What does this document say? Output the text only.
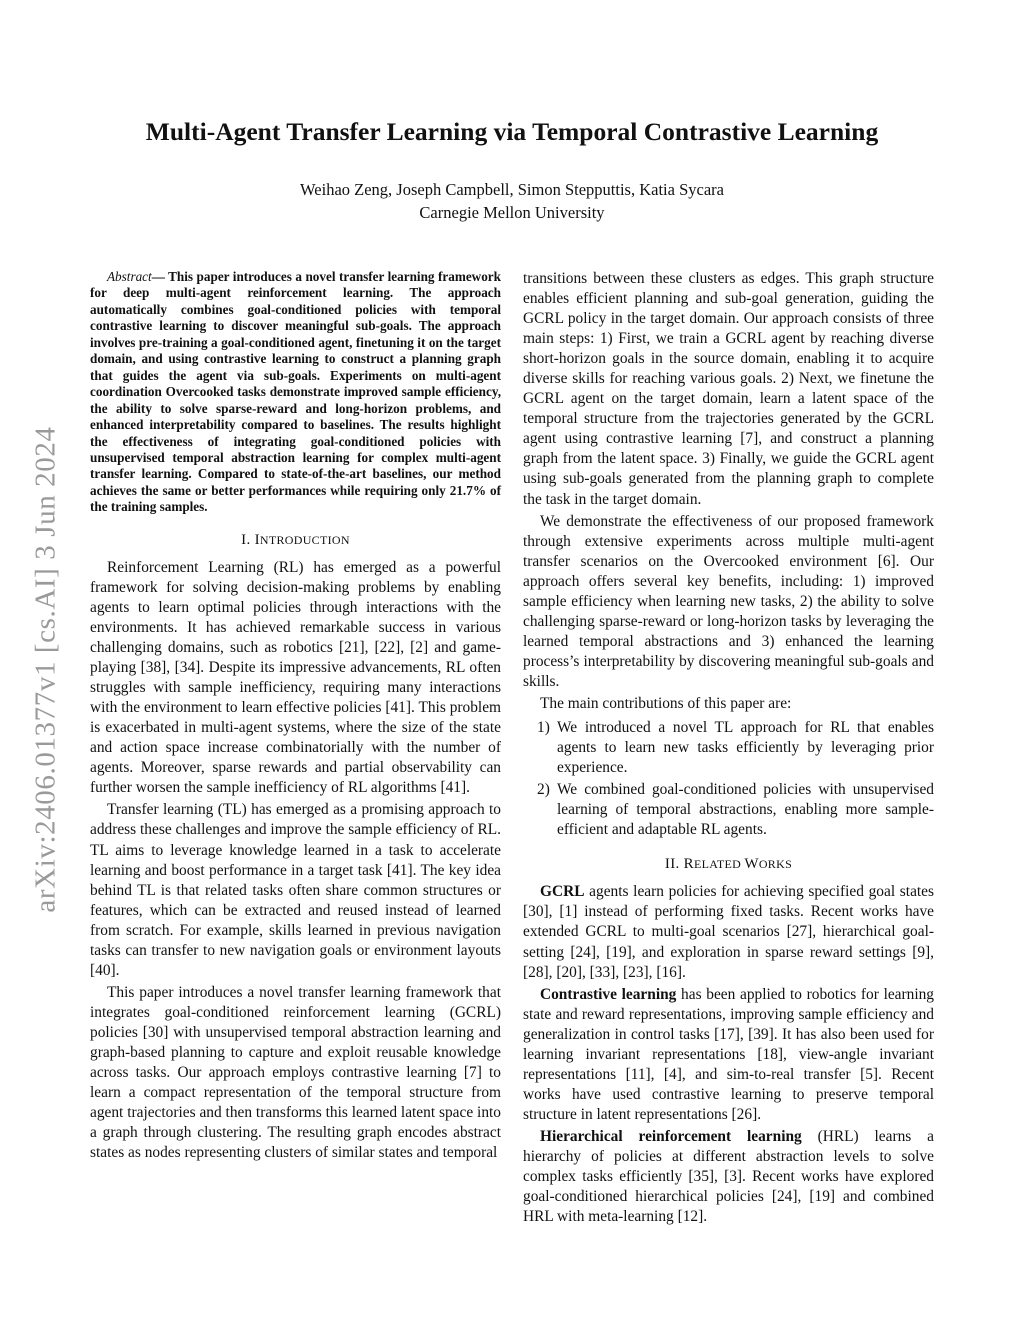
arXiv:2406.01377v1 [cs.AI] 3 Jun 2024
Multi-Agent Transfer Learning via Temporal Contrastive Learning
Weihao Zeng, Joseph Campbell, Simon Stepputtis, Katia Sycara
Carnegie Mellon University

Abstract— This paper introduces a novel transfer learning framework for deep multi-agent reinforcement learning. The approach automatically combines goal-conditioned policies with temporal contrastive learning to discover meaningful sub-goals. The approach involves pre-training a goal-conditioned agent, finetuning it on the target domain, and using contrastive learning to construct a planning graph that guides the agent via sub-goals. Experiments on multi-agent coordination Overcooked tasks demonstrate improved sample efficiency, the ability to solve sparse-reward and long-horizon problems, and enhanced interpretability compared to baselines. The results highlight the effectiveness of integrating goal-conditioned policies with unsupervised temporal abstraction learning for complex multi-agent transfer learning. Compared to state-of-the-art baselines, our method achieves the same or better performances while requiring only 21.7% of the training samples.

I. INTRODUCTION

Reinforcement Learning (RL) has emerged as a powerful framework for solving decision-making problems by enabling agents to learn optimal policies through interactions with the environments. It has achieved remarkable success in various challenging domains, such as robotics [21], [22], [2] and game-playing [38], [34]. Despite its impressive advancements, RL often struggles with sample inefficiency, requiring many interactions with the environment to learn effective policies [41]. This problem is exacerbated in multi-agent systems, where the size of the state and action space increase combinatorially with the number of agents. Moreover, sparse rewards and partial observability can further worsen the sample inefficiency of RL algorithms [41].

Transfer learning (TL) has emerged as a promising approach to address these challenges and improve the sample efficiency of RL. TL aims to leverage knowledge learned in a task to accelerate learning and boost performance in a target task [41]. The key idea behind TL is that related tasks often share common structures or features, which can be extracted and reused instead of learned from scratch. For example, skills learned in previous navigation tasks can transfer to new navigation goals or environment layouts [40].

This paper introduces a novel transfer learning framework that integrates goal-conditioned reinforcement learning (GCRL) policies [30] with unsupervised temporal abstraction learning and graph-based planning to capture and exploit reusable knowledge across tasks. Our approach employs contrastive learning [7] to learn a compact representation of the temporal structure from agent trajectories and then transforms this learned latent space into a graph through clustering. The resulting graph encodes abstract states as nodes representing clusters of similar states and temporal

transitions between these clusters as edges. This graph structure enables efficient planning and sub-goal generation, guiding the GCRL policy in the target domain. Our approach consists of three main steps: 1) First, we train a GCRL agent by reaching diverse short-horizon goals in the source domain, enabling it to acquire diverse skills for reaching various goals. 2) Next, we finetune the GCRL agent on the target domain, learn a latent space of the temporal structure from the trajectories generated by the GCRL agent using contrastive learning [7], and construct a planning graph from the latent space. 3) Finally, we guide the GCRL agent using sub-goals generated from the planning graph to complete the task in the target domain.

We demonstrate the effectiveness of our proposed framework through extensive experiments across multiple multi-agent transfer scenarios on the Overcooked environment [6]. Our approach offers several key benefits, including: 1) improved sample efficiency when learning new tasks, 2) the ability to solve challenging sparse-reward or long-horizon tasks by leveraging the learned temporal abstractions and 3) enhanced the learning process’s interpretability by discovering meaningful sub-goals and skills.

The main contributions of this paper are:

1) We introduced a novel TL approach for RL that enables agents to learn new tasks efficiently by leveraging prior experience.
2) We combined goal-conditioned policies with unsupervised learning of temporal abstractions, enabling more sample-efficient and adaptable RL agents.
II. RELATED WORKS

GCRL agents learn policies for achieving specified goal states [30], [1] instead of performing fixed tasks. Recent works have extended GCRL to multi-goal scenarios [27], hierarchical goal-setting [24], [19], and exploration in sparse reward settings [9], [28], [20], [33], [23], [16].

Contrastive learning has been applied to robotics for learning state and reward representations, improving sample efficiency and generalization in control tasks [17], [39]. It has also been used for learning invariant representations [18], view-angle invariant representations [11], [4], and sim-to-real transfer [5]. Recent works have used contrastive learning to preserve temporal structure in latent representations [26].

Hierarchical reinforcement learning (HRL) learns a hierarchy of policies at different abstraction levels to solve complex tasks efficiently [35], [3]. Recent works have explored goal-conditioned hierarchical policies [24], [19] and combined HRL with meta-learning [12].
